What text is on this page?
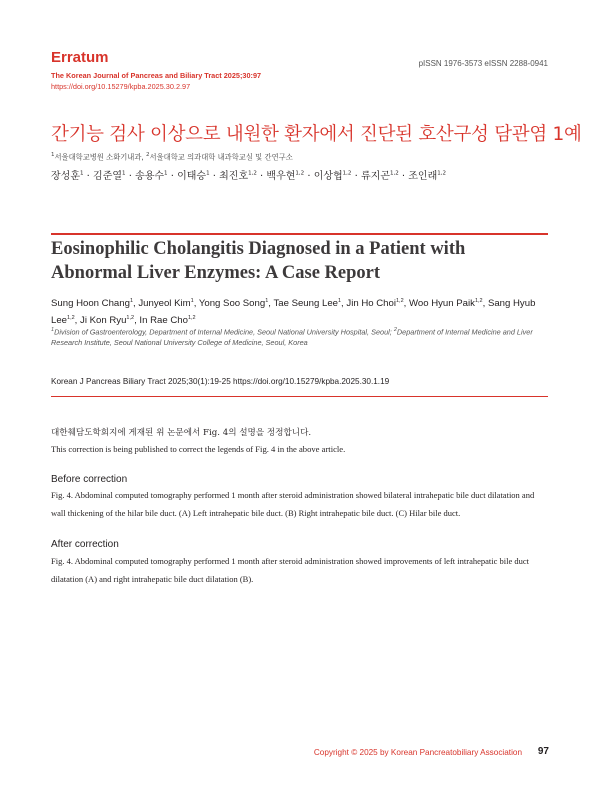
Erratum	pISSN 1976-3573 eISSN 2288-0941
The Korean Journal of Pancreas and Biliary Tract 2025;30:97
https://doi.org/10.15279/kpba.2025.30.2.97
간기능 검사 이상으로 내원한 환자에서 진단된 호산구성 담관염 1예
$^1$서울대학교병원 소화기내과, $^2$서울대학교 의과대학 내과학교실 및 간연구소
장성훈$^1$ · 김준열$^1$ · 송용수$^1$ · 이태승$^1$ · 최진호$^{1,2}$ · 백우현$^{1,2}$ · 이상협$^{1,2}$ · 류지곤$^{1,2}$ · 조인래$^{1,2}$
Eosinophilic Cholangitis Diagnosed in a Patient with Abnormal Liver Enzymes: A Case Report
Sung Hoon Chang$^1$, Junyeol Kim$^1$, Yong Soo Song$^1$, Tae Seung Lee$^1$, Jin Ho Choi$^{1,2}$, Woo Hyun Paik$^{1,2}$, Sang Hyub Lee$^{1,2}$, Ji Kon Ryu$^{1,2}$, In Rae Cho$^{1,2}$
$^1$Division of Gastroenterology, Department of Internal Medicine, Seoul National University Hospital, Seoul; $^2$Department of Internal Medicine and Liver Research Institute, Seoul National University College of Medicine, Seoul, Korea
Korean J Pancreas Biliary Tract 2025;30(1):19-25 https://doi.org/10.15279/kpba.2025.30.1.19
대한췌담도학회지에 게재된 위 논문에서 Fig. 4의 설명을 정정합니다.
This correction is being published to correct the legends of Fig. 4 in the above article.
Before correction
Fig. 4. Abdominal computed tomography performed 1 month after steroid administration showed bilateral intrahepatic bile duct dilatation and wall thickening of the hilar bile duct. (A) Left intrahepatic bile duct. (B) Right intrahepatic bile duct. (C) Hilar bile duct.
After correction
Fig. 4. Abdominal computed tomography performed 1 month after steroid administration showed improvements of left intrahepatic bile duct dilatation (A) and right intrahepatic bile duct dilatation (B).
Copyright © 2025 by Korean Pancreatobiliary Association 97
